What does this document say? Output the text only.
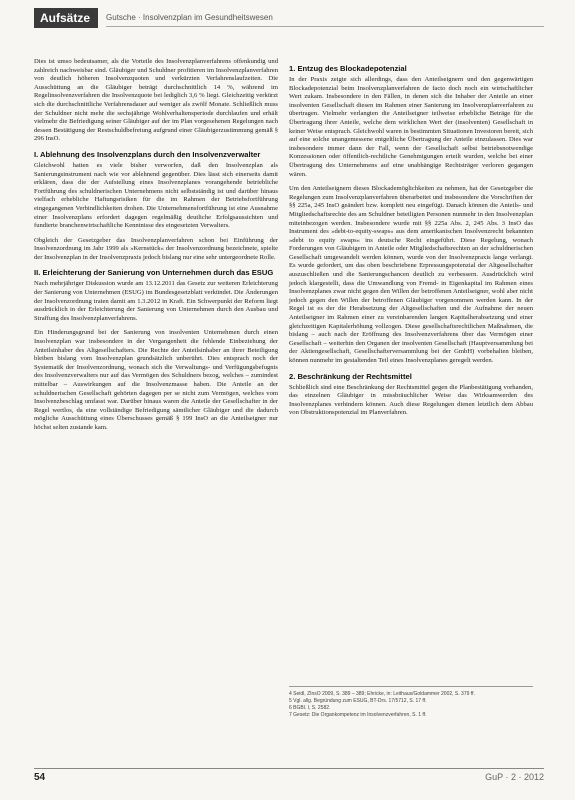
Aufsätze	Gutsche · Insolvenzplan im Gesundheitswesen

Dies ist umso bedeutsamer, als die Vorteile des Insolvenzplanverfahrens offenkundig und zahlreich nachweisbar sind. Gläubiger und Schuldner profitieren im Insolvenzplanverfahren von deutlich höheren Insolvenzquoten und verkürzten Verfahrenslaufzeiten. Die Ausschüttung an die Gläubiger beträgt durchschnittlich 14 %, während im Regelinsolvenzverfahren die Insolvenzquote bei lediglich 3,6 % liegt. Gleichzeitig verkürzt sich die durchschnittliche Verfahrensdauer auf weniger als zwölf Monate. Schließlich muss der Schuldner nicht mehr die sechsjährige Wohlverhaltensperiode durchlaufen und erhält vielmehr die Befriedigung seiner Gläubiger auf der im Plan vorgesehenen Regelungen nach dessen Bestätigung der Restschuldbefreiung aufgrund einer Gläubigerzustimmung gemäß § 296 InsO.

I. Ablehnung des Insolvenzplans durch den Insolvenzverwalter

Gleichwohl hatten es viele bisher verworfen, daß den Insolvenzplan als Sanierungsinstrument nach wie vor ablehnend gegenüber. Dies lässt sich einerseits damit erklären, dass die der Aufstellung eines Insolvenzplanes vorangehende betriebliche Fortführung des schuldnerischen Unternehmens nicht selbstständig ist und darüber hinaus vielfach erhebliche Haftungsrisiken für die im Rahmen der Betriebsfortführung eingegangenen Verbindlichkeiten drohen. Die Unternehmensfortführung ist eine Ausnahme einer Insolvenzplans erfordert dagegen regelmäßig deutliche Erfolgsaussichten und fundierte branchenwirtschaftliche Kenntnisse des eingesetzten Verwalters.

Obgleich der Gesetzgeber das Insolvenzplanverfahren schon bei Einführung der Insolvenzordnung im Jahr 1999 als »Kernstück« der Insolvenzordnung bezeichnete, spielte der Insolvenzplan in der Insolvenzpraxis jedoch bislang nur eine sehr untergeordnete Rolle.

II. Erleichterung der Sanierung von Unternehmen durch das ESUG

Nach mehrjähriger Diskussion wurde am 13.12.2011 das Gesetz zur weiteren Erleichterung der Sanierung von Unternehmen (ESUG) im Bundesgesetzblatt verkündet. Die Änderungen der Insolvenzordnung traten damit am 1.3.2012 in Kraft. Ein Schwerpunkt der Reform liegt ausdrücklich in der Erleichterung der Sanierung von Unternehmen durch den Ausbau und Straffung des Insolvenzplanverfahrens.

Ein Hinderungsgrund bei der Sanierung von insolventen Unternehmen durch einen Insolvenzplan war insbesondere in der Vergangenheit die fehlende Einbeziehung der Anteilsinhaber des Altgesellschafters. Die Rechte der Anteilsinhaber an ihrer Beteiligung bleiben bislang vom Insolvenzplan grundsätzlich unberührt. Dies entsprach noch der Systematik der Insolvenzordnung, wonach sich die Verwaltungs- und Verfügungsbefugnis des Insolvenzverwalters nur auf das Vermögen des Schuldners bezog, welches – zumindest mittelbar – Auswirkungen auf die Insolvenzmasse haben. Die Anteile an der schuldnerischen Gesellschaft gehörten dagegen per se nicht zum Vermögen, welches vom Insolvenzbeschlag umfasst war. Darüber hinaus waren die Anteile der Gesellschafter in der Regel wertlos, da eine vollständige Befriedigung sämtlicher Gläubiger und die dadurch mögliche Ausschüttung eines Überschusses gemäß § 199 InsO an die Anteilseigner nur höchst selten zustande kam.

1. Entzug des Blockadepotenzial

In der Praxis zeigte sich allerdings, dass den Anteilseignern und den gegenwärtigen Blockadepotenzial beim Insolvenzplanverfahren de facto doch noch ein wirtschaftlicher Wert zukam. Insbesondere in den Fällen, in denen sich die Inhaber der Anteile an einer insolventen Gesellschaft diesen im Rahmen einer Sanierung im Insolvenzplanverfahren zu übertragen. Vielmehr verlangten die Anteilseigner teilweise erhebliche Beträge für die Übertragung ihrer Anteile, welche dem wirklichen Wert der (insolventen) Gesellschaft in keiner Weise entsprach. Gleichwohl waren in bestimmten Situationen Investoren bereit, sich auf eine solche unangemessene entgeltliche Übertragung der Anteile einzulassen. Dies war insbesondere immer dann der Fall, wenn der Gesellschaft selbst betriebsnotwendige Konzessionen oder öffentlich-rechtliche Genehmigungen erteilt wurden, welche bei einer Übertragung des Unternehmens auf eine unabhängige Rechtsträger verloren gegangen wären.

Um den Anteilseignern dieses Blockademöglichkeiten zu nehmen, hat der Gesetzgeber die Regelungen zum Insolvenzplanverfahren überarbeitet und insbesondere die Vorschriften der §§ 225a, 245 InsO geändert bzw. komplett neu eingefügt. Danach können die Anteils- und Mitgliedschaftsrechte des am Schuldner beteiligten Personen nunmehr in den Insolvenzplan miteinbezogen werden. Insbesondere wurde mit §§ 225a Abs. 2, 245 Abs. 3 InsO das Instrument des »debt-to-equity-swaps« aus dem amerikanischen Insolvenzrecht bekannten »debt to equity swaps« ins deutsche Recht eingeführt. Diese Regelung, wonach Forderungen von Gläubigern in Anteile oder Mitgliedschaftsrechten an der schuldnerischen Gesellschaft umgewandelt werden können, wurde von der Insolvenzpraxis lange verlangt. Es wurde gefordert, um das oben beschriebene Erpressungspotenzial der Altgesellschafter auszuschließen und die Sanierungschancen deutlich zu verbessern. Ausdrücklich wird jedoch klargestellt, dass die Umwandlung von Fremd- in Eigenkapital im Rahmen eines Insolvenzplanes zwar nicht gegen den Willen der betroffenen Anteilseigner, wohl aber nicht jedoch gegen den Willen der betroffenen Gläubiger vorgenommen werden kann. In der Regel ist es der die Herabsetzung der Altgesellschaften und die Aufnahme der neuen Anteilseigner im Rahmen einer zu vereinbarenden langen Kapitalherabsetzung und einer gleichzeitigen Kapitalerhöhung vollzogen. Diese gesellschaftsrechtlichen Maßnahmen, die bislang – auch nach der Eröffnung des Insolvenzverfahrens über das Vermögen einer Gesellschaft – weiterhin den Organen der insolventen Gesellschaft (Hauptversammlung bei der Aktiengesellschaft, Gesellschafterversammlung bei der GmbH) vorbehalten bleiben, können nunmehr im gestaltenden Teil eines Insolvenzplanes geregelt werden.

2. Beschränkung der Rechtsmittel

Schließlich sind eine Beschränkung der Rechtsmittel gegen die Planbestätigung vorhanden, das einzelnen Gläubiger in missbräuchlicher Weise das Wirksamwerden des Insolvenzplanes verhindern können. Auch diese Regelungen dienen letztlich dem Abbau von Obstruktionspotenzial im Planverfahren.

4 Seidl, ZInsO 2009, S. 389 – 389; Ehricke, in: Leithaus/Goldammer 2002, S. 379 ff.
5 Vgl. allg. Begründung zum ESUG, BT-Drs. 17/5712, S. 17 ff.
6 BGBl. I, S. 2582.
7 Gesetz: Die Organkompetenz im Insolvenzverfahren, S. 1 ff.
54	GuP · 2 · 2012
